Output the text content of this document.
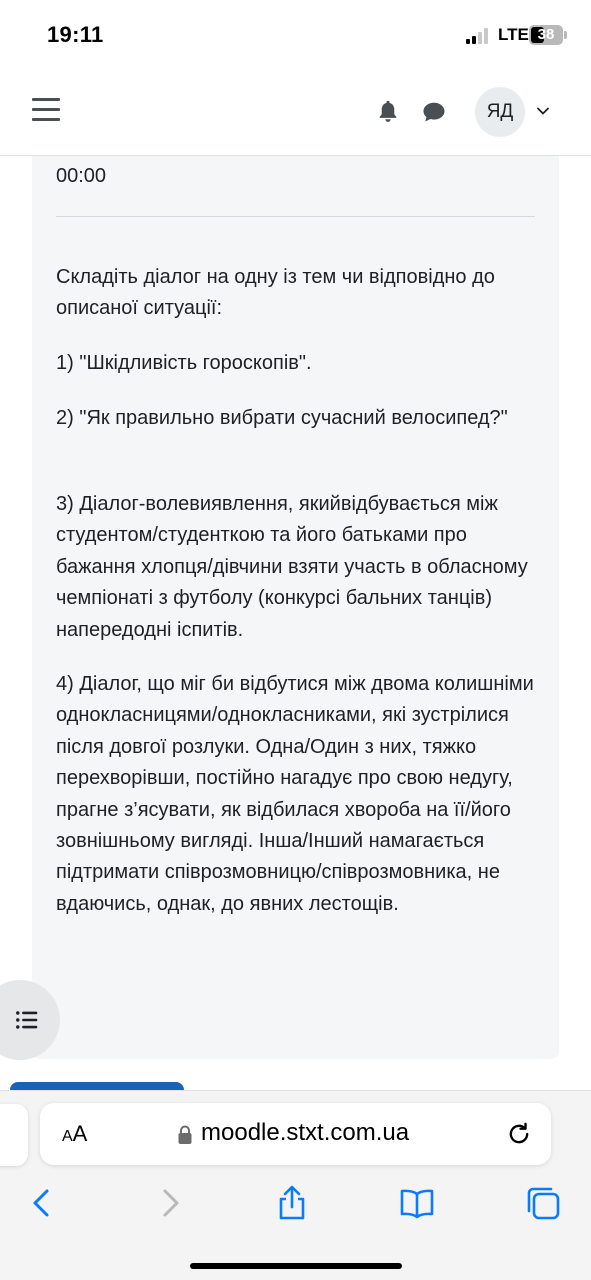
19:11	LTE 38
ЯД
00:00
Складіть діалог на одну із тем чи відповідно до описаної ситуації:
1) "Шкідливість гороскопів".
2) "Як правильно вибрати сучасний велосипед?"
3) Діалог-волевиявлення, якийвідбувається між студентом/студенткою та його батьками про бажання хлопця/дівчини взяти участь в обласному чемпіонаті з футболу (конкурсі бальних танців) напередодні іспитів.
4) Діалог, що міг би відбутися між двома колишніми однокласницями/однокласниками, які зустрілися після довгої розлуки. Одна/Один з них, тяжко перехворівши, постійно нагадує про свою недугу, прагне з’ясувати, як відбилася хвороба на її/його зовнішньому вигляді. Інша/Інший намагається підтримати співрозмовницю/співрозмовника, не вдаючись, однак, до явних лестощів.
AA	moodle.stxt.com.ua
